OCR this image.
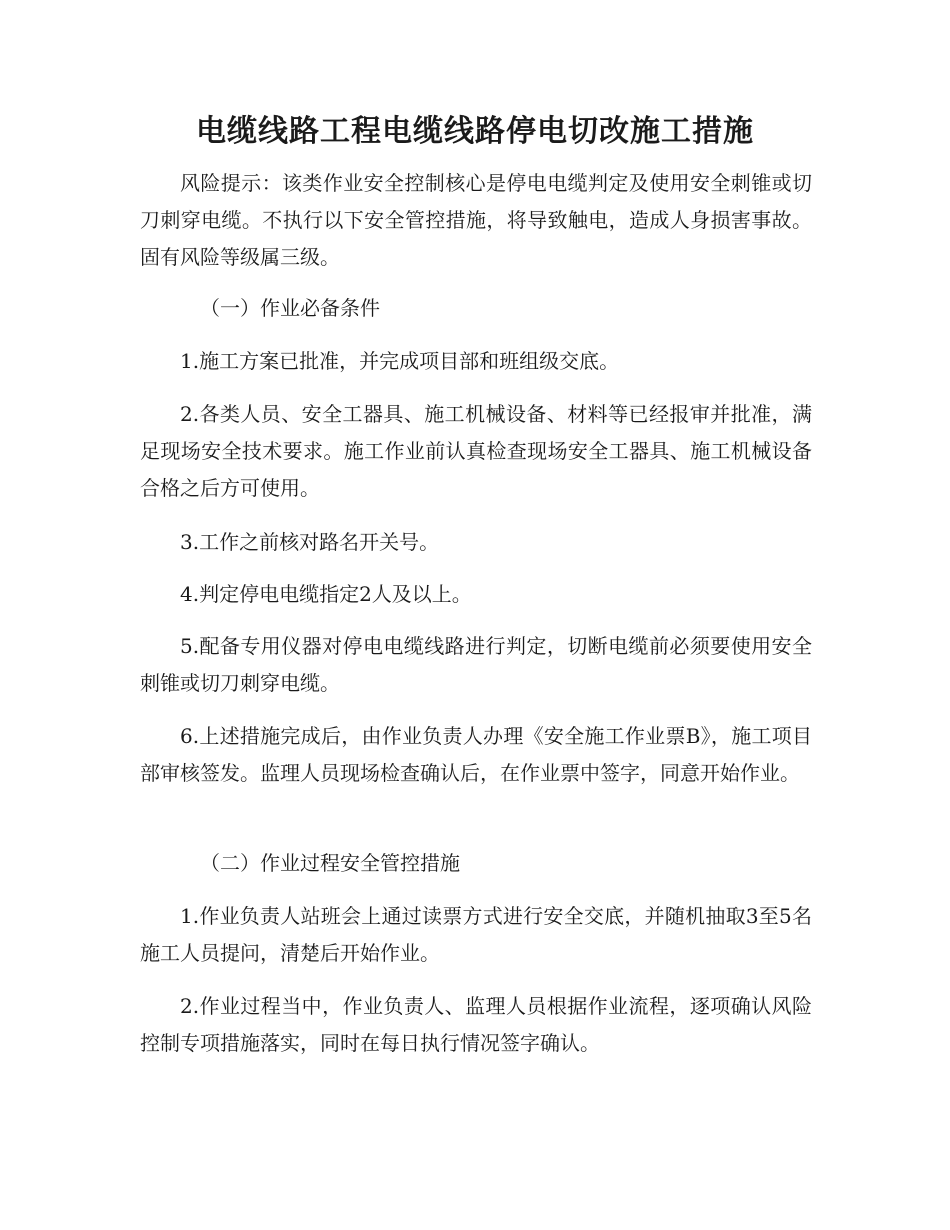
电缆线路工程电缆线路停电切改施工措施

风险提示：该类作业安全控制核心是停电电缆判定及使用安全刺锥或切刀刺穿电缆。不执行以下安全管控措施，将导致触电，造成人身损害事故。固有风险等级属三级。

（一）作业必备条件

1.施工方案已批准，并完成项目部和班组级交底。

2.各类人员、安全工器具、施工机械设备、材料等已经报审并批准，满足现场安全技术要求。施工作业前认真检查现场安全工器具、施工机械设备合格之后方可使用。

3.工作之前核对路名开关号。

4.判定停电电缆指定2人及以上。

5.配备专用仪器对停电电缆线路进行判定，切断电缆前必须要使用安全刺锥或切刀刺穿电缆。

6.上述措施完成后，由作业负责人办理《安全施工作业票B》，施工项目部审核签发。监理人员现场检查确认后，在作业票中签字，同意开始作业。

（二）作业过程安全管控措施

1.作业负责人站班会上通过读票方式进行安全交底，并随机抽取3至5名施工人员提问，清楚后开始作业。

2.作业过程当中，作业负责人、监理人员根据作业流程，逐项确认风险控制专项措施落实，同时在每日执行情况签字确认。
